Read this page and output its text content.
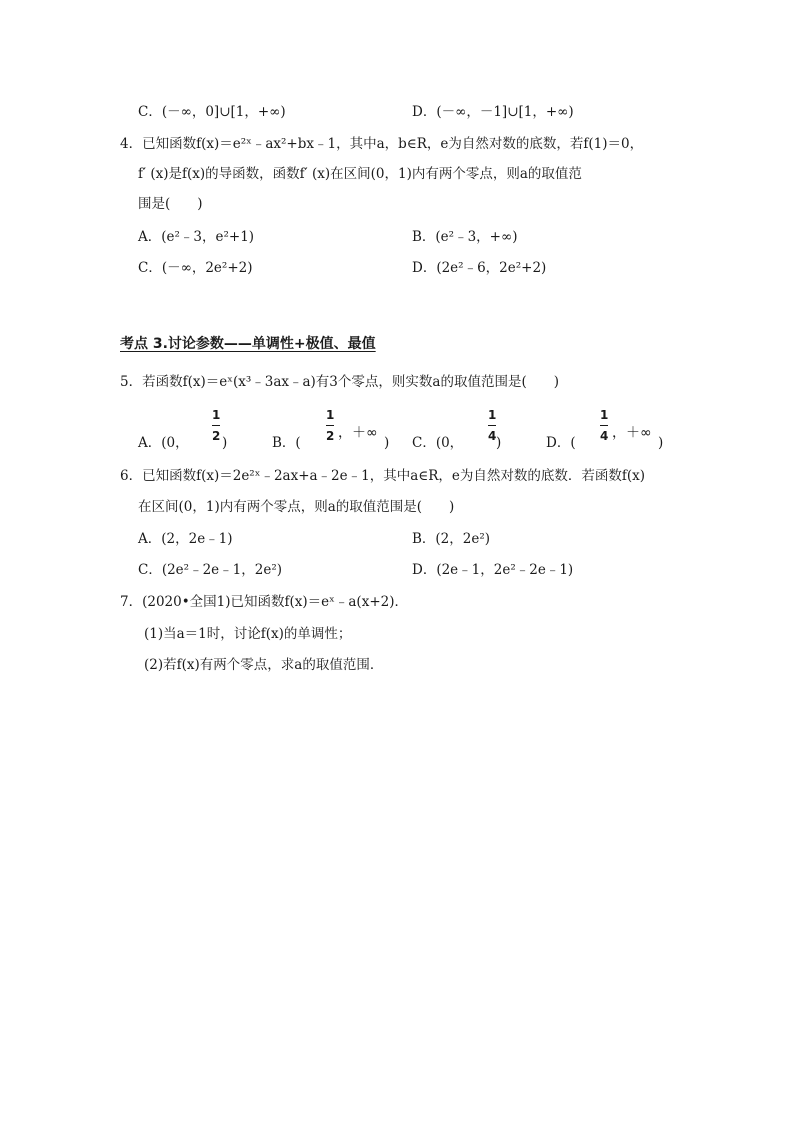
C．(－∞，0]∪[1，+∞)	D．(－∞，－1]∪[1，+∞)
4．已知函数f(x)＝e²ˣ﹣ax²+bx﹣1，其中a，b∈R，e为自然对数的底数，若f(1)＝0，
f′ (x)是f(x)的导函数，函数f′ (x)在区间(0，1)内有两个零点，则a的取值范
围是(　　)
A．(e²﹣3，e²+1)	B．(e²﹣3，+∞)
C．(－∞，2e²+2)	D．(2e²﹣6，2e²+2)
考点 3.讨论参数——单调性+极值、最值
5．若函数f(x)＝eˣ(x³﹣3ax﹣a)有3个零点，则实数a的取值范围是(　　)
A．(0，
1
2 )	B．(
1
2 ，＋∞
) C．(0，
1
4 )	D．(
1
4 ，＋∞
)
6．已知函数f(x)＝2e²ˣ﹣2ax+a﹣2e﹣1，其中a∈R，e为自然对数的底数．若函数f(x)
在区间(0，1)内有两个零点，则a的取值范围是(　　)
A．(2，2e﹣1)	B．(2，2e²)
C．(2e²﹣2e﹣1，2e²)	D．(2e﹣1，2e²﹣2e﹣1)
7．(2020•全国1)已知函数f(x)＝eˣ﹣a(x+2)．
(1)当a＝1时，讨论f(x)的单调性；
(2)若f(x)有两个零点，求a的取值范围．
